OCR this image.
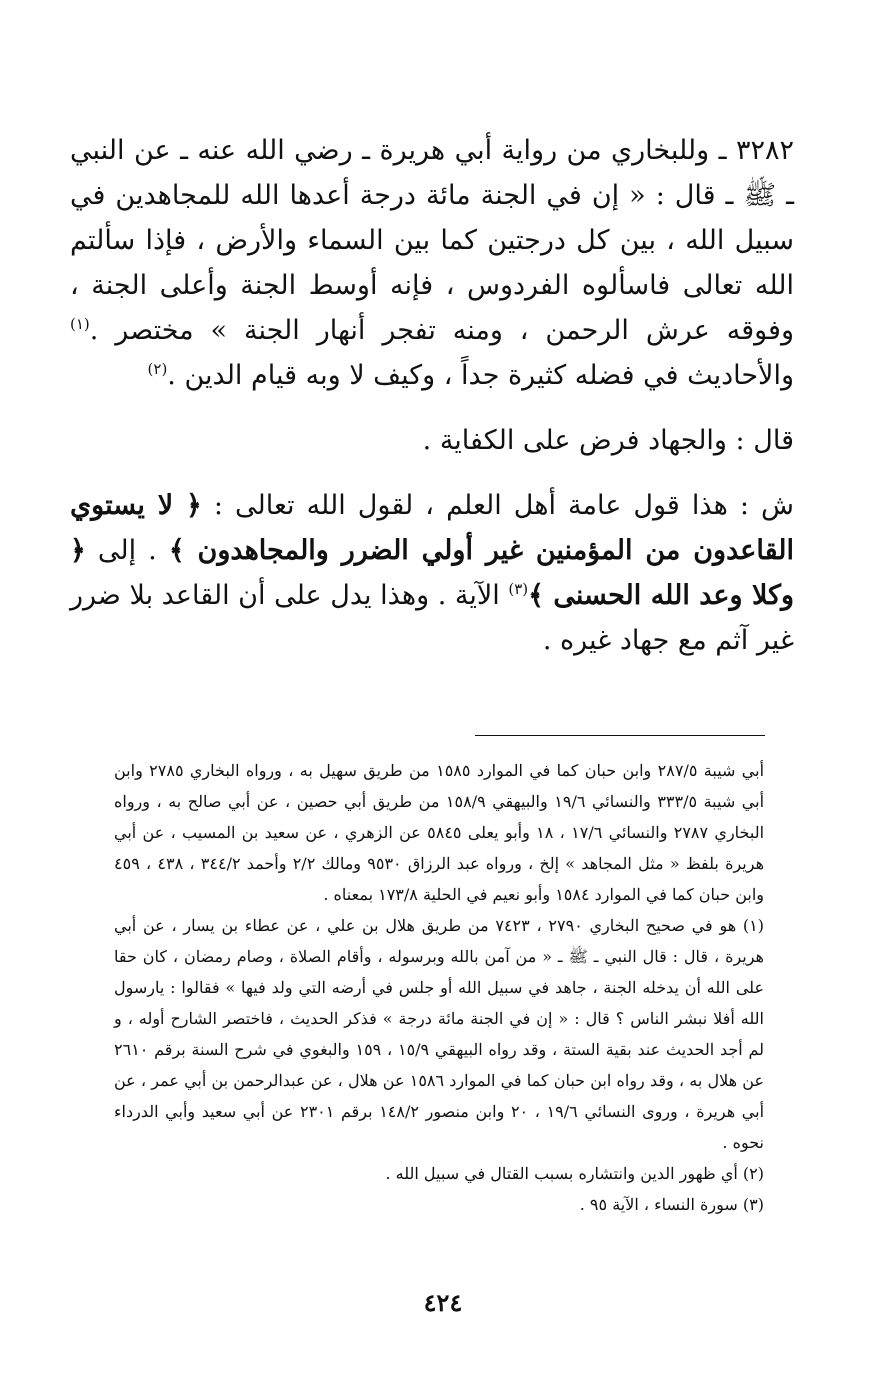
٣٢٨٢ ـ وللبخاري من رواية أبي هريرة ـ رضي الله عنه ـ عن النبي ـ ﷺ ـ قال : « إن في الجنة مائة درجة أعدها الله للمجاهدين في سبيل الله ، بين كل درجتين كما بين السماء والأرض ، فإذا سألتم الله تعالى فاسألوه الفردوس ، فإنه أوسط الجنة وأعلى الجنة ، وفوقه عرش الرحمن ، ومنه تفجر أنهار الجنة » مختصر .$^{(١)}$ والأحاديث في فضله كثيرة جداً ، وكيف لا وبه قيام الدين .$^{(٢)}$

قال : والجهاد فرض على الكفاية .

ش : هذا قول عامة أهل العلم ، لقول الله تعالى : ﴿ لا يستوي القاعدون من المؤمنين غير أولي الضرر والمجاهدون ﴾ . إلى ﴿ وكلا وعد الله الحسنى ﴾$^{(٣)}$ الآية . وهذا يدل على أن القاعد بلا ضرر غير آثم مع جهاد غيره .

أبي شيبة ٢٨٧/٥ وابن حبان كما في الموارد ١٥٨٥ من طريق سهيل به ، ورواه البخاري ٢٧٨٥ وابن أبي شيبة ٣٣٣/٥ والنسائي ١٩/٦ والبيهقي ١٥٨/٩ من طريق أبي حصين ، عن أبي صالح به ، ورواه البخاري ٢٧٨٧ والنسائي ١٧/٦ ، ١٨ وأبو يعلى ٥٨٤٥ عن الزهري ، عن سعيد بن المسيب ، عن أبي هريرة بلفظ « مثل المجاهد » إلخ ، ورواه عبد الرزاق ٩٥٣٠ ومالك ٢/٢ وأحمد ٣٤٤/٢ ، ٤٣٨ ، ٤٥٩ وابن حبان كما في الموارد ١٥٨٤ وأبو نعيم في الحلية ١٧٣/٨ بمعناه .

(١) هو في صحيح البخاري ٢٧٩٠ ، ٧٤٢٣ من طريق هلال بن علي ، عن عطاء بن يسار ، عن أبي هريرة ، قال : قال النبي ـ ﷺ ـ « من آمن بالله وبرسوله ، وأقام الصلاة ، وصام رمضان ، كان حقا على الله أن يدخله الجنة ، جاهد في سبيل الله أو جلس في أرضه التي ولد فيها » فقالوا : يارسول الله أفلا نبشر الناس ؟ قال : « إن في الجنة مائة درجة » فذكر الحديث ، فاختصر الشارح أوله ، و لم أجد الحديث عند بقية الستة ، وقد رواه البيهقي ١٥/٩ ، ١٥٩ والبغوي في شرح السنة برقم ٢٦١٠ عن هلال به ، وقد رواه ابن حبان كما في الموارد ١٥٨٦ عن هلال ، عن عبدالرحمن بن أبي عمر ، عن أبي هريرة ، وروى النسائي ١٩/٦ ، ٢٠ وابن منصور ١٤٨/٢ برقم ٢٣٠١ عن أبي سعيد وأبي الدرداء نحوه .

(٢) أي ظهور الدين وانتشاره بسبب القتال في سبيل الله .

(٣) سورة النساء ، الآية ٩٥ .

٤٢٤
